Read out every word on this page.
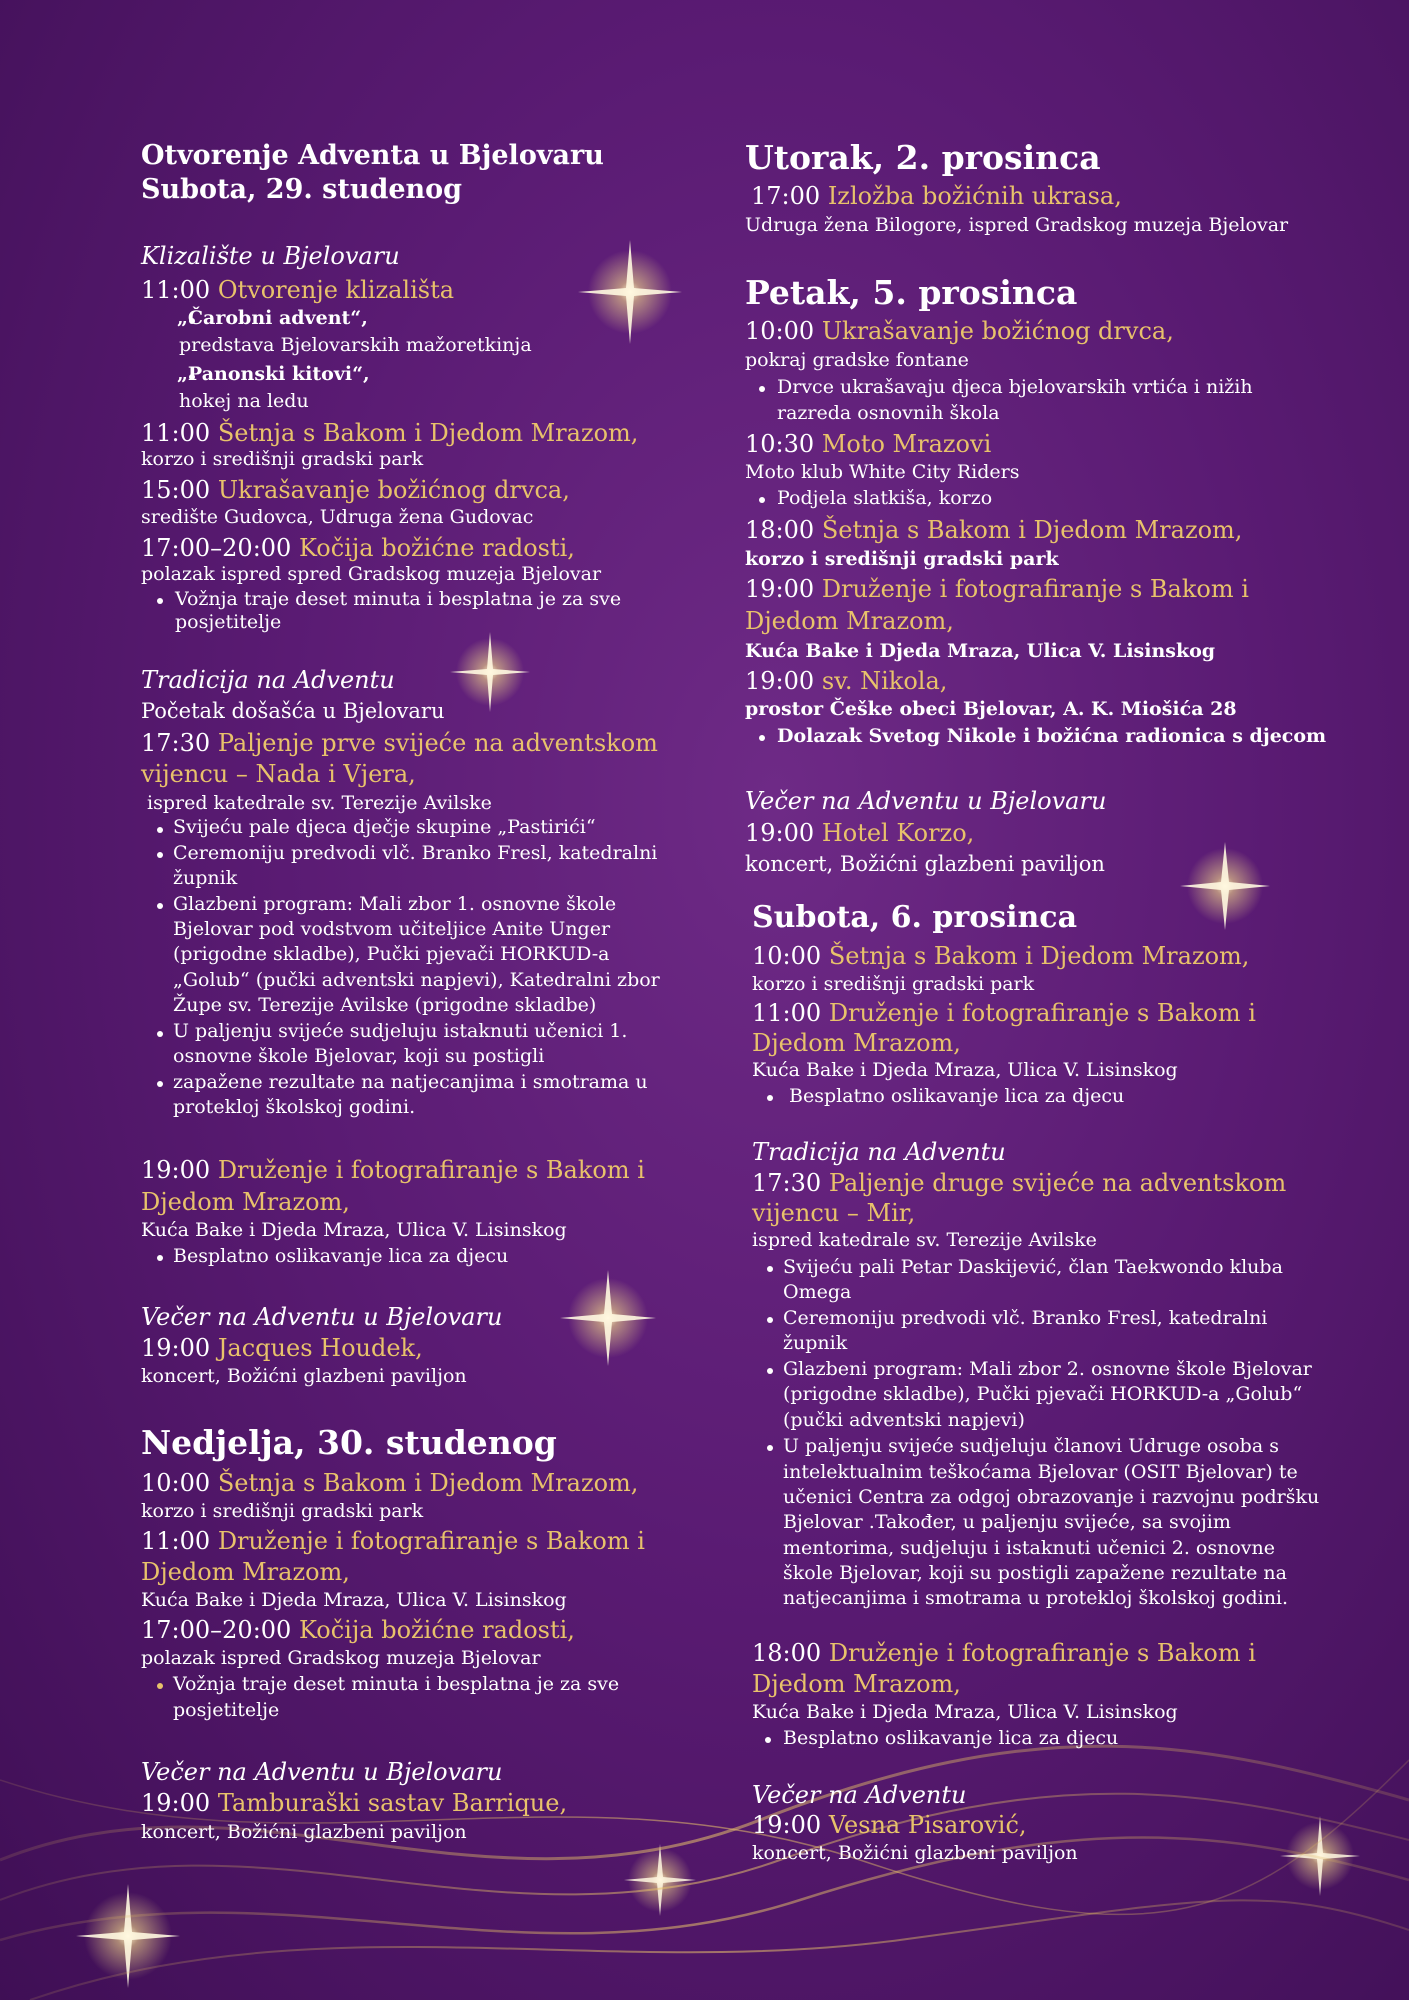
Otvorenje Adventa u Bjelovaru
Subota, 29. studenog
Klizalište u Bjelovaru
11:00 Otvorenje klizališta
„Čarobni advent“,
predstava Bjelovarskih mažoretkinja
„Panonski kitovi“,
hokej na ledu
11:00 Šetnja s Bakom i Djedom Mrazom,
korzo i središnji gradski park
15:00 Ukrašavanje božićnog drvca,
središte Gudovca, Udruga žena Gudovac
17:00–20:00 Kočija božićne radosti,
polazak ispred spred Gradskog muzeja Bjelovar
Vožnja traje deset minuta i besplatna je za sve
posjetitelje
Tradicija na Adventu
Početak došašća u Bjelovaru
17:30 Paljenje prve svijeće na adventskom
vijencu – Nada i Vjera,
ispred katedrale sv. Terezije Avilske
Svijeću pale djeca dječje skupine „Pastirići“
Ceremoniju predvodi vlč. Branko Fresl, katedralni
župnik
Glazbeni program: Mali zbor 1. osnovne škole
Bjelovar pod vodstvom učiteljice Anite Unger
(prigodne skladbe), Pučki pjevači HORKUD-a
„Golub“ (pučki adventski napjevi), Katedralni zbor
Župe sv. Terezije Avilske (prigodne skladbe)
U paljenju svijeće sudjeluju istaknuti učenici 1.
osnovne škole Bjelovar, koji su postigli
zapažene rezultate na natjecanjima i smotrama u
protekloj školskoj godini.
19:00 Druženje i fotografiranje s Bakom i
Djedom Mrazom,
Kuća Bake i Djeda Mraza, Ulica V. Lisinskog
Besplatno oslikavanje lica za djecu
Večer na Adventu u Bjelovaru
19:00 Jacques Houdek,
koncert, Božićni glazbeni paviljon
Nedjelja, 30. studenog
10:00 Šetnja s Bakom i Djedom Mrazom,
korzo i središnji gradski park
11:00 Druženje i fotografiranje s Bakom i
Djedom Mrazom,
Kuća Bake i Djeda Mraza, Ulica V. Lisinskog
17:00–20:00 Kočija božićne radosti,
polazak ispred Gradskog muzeja Bjelovar
Vožnja traje deset minuta i besplatna je za sve
posjetitelje
Večer na Adventu u Bjelovaru
19:00 Tamburaški sastav Barrique,
koncert, Božićni glazbeni paviljon
Utorak, 2. prosinca
17:00 Izložba božićnih ukrasa,
Udruga žena Bilogore, ispred Gradskog muzeja Bjelovar
Petak, 5. prosinca
10:00 Ukrašavanje božićnog drvca,
pokraj gradske fontane
Drvce ukrašavaju djeca bjelovarskih vrtića i nižih
razreda osnovnih škola
10:30 Moto Mrazovi
Moto klub White City Riders
Podjela slatkiša, korzo
18:00 Šetnja s Bakom i Djedom Mrazom,
korzo i središnji gradski park
19:00 Druženje i fotografiranje s Bakom i
Djedom Mrazom,
Kuća Bake i Djeda Mraza, Ulica V. Lisinskog
19:00 sv. Nikola,
prostor Češke obeci Bjelovar, A. K. Miošića 28
Dolazak Svetog Nikole i božićna radionica s djecom
Večer na Adventu u Bjelovaru
19:00 Hotel Korzo,
koncert, Božićni glazbeni paviljon
Subota, 6. prosinca
10:00 Šetnja s Bakom i Djedom Mrazom,
korzo i središnji gradski park
11:00 Druženje i fotografiranje s Bakom i
Djedom Mrazom,
Kuća Bake i Djeda Mraza, Ulica V. Lisinskog
Besplatno oslikavanje lica za djecu
Tradicija na Adventu
17:30 Paljenje druge svijeće na adventskom
vijencu – Mir,
ispred katedrale sv. Terezije Avilske
Svijeću pali Petar Daskijević, član Taekwondo kluba
Omega
Ceremoniju predvodi vlč. Branko Fresl, katedralni
župnik
Glazbeni program: Mali zbor 2. osnovne škole Bjelovar
(prigodne skladbe), Pučki pjevači HORKUD-a „Golub“
(pučki adventski napjevi)
U paljenju svijeće sudjeluju članovi Udruge osoba s
intelektualnim teškoćama Bjelovar (OSIT Bjelovar) te
učenici Centra za odgoj obrazovanje i razvojnu podršku
Bjelovar .Također, u paljenju svijeće, sa svojim
mentorima, sudjeluju i istaknuti učenici 2. osnovne
škole Bjelovar, koji su postigli zapažene rezultate na
natjecanjima i smotrama u protekloj školskoj godini.
18:00 Druženje i fotografiranje s Bakom i
Djedom Mrazom,
Kuća Bake i Djeda Mraza, Ulica V. Lisinskog
Besplatno oslikavanje lica za djecu
Večer na Adventu
19:00 Vesna Pisarović,
koncert, Božićni glazbeni paviljon
